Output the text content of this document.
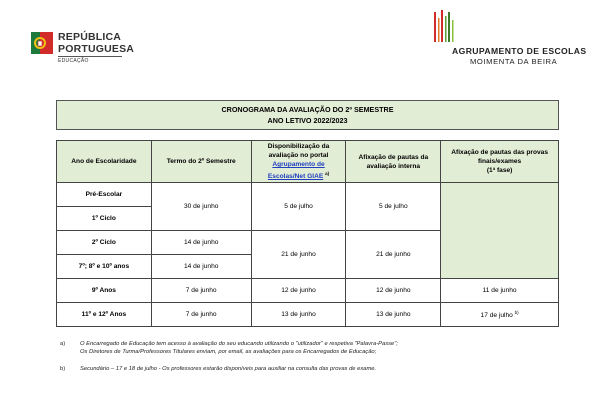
REPÚBLICA
PORTUGUESA
EDUCAÇÃO
AGRUPAMENTO DE ESCOLAS
MOIMENTA DA BEIRA
CRONOGRAMA DA AVALIAÇÃO DO 2º SEMESTRE
ANO LETIVO 2022/2023
Ano de Escolaridade	Termo do 2º Semestre	Disponibilização da avaliação no portal
Agrupamento de Escolas/Net GIAE $^{a)}$	Afixação de pautas da avaliação interna	Afixação de pautas das provas finais/exames
(1ª fase)
Pré-Escolar	30 de junho	5 de julho	5 de julho	
1º Ciclo				
2º Ciclo	14 de junho	21 de junho	21 de junho	
7º; 8º e 10º anos	14 de junho			
9º Anos	7 de junho	12 de junho	12 de junho	11 de junho
11º e 12º Anos	7 de junho	13 de junho	13 de junho	17 de julho $^{b)}$
a)	O Encarregado de Educação tem acesso à avaliação do seu educando utilizando o "utilizador" e respetiva "Palavra-Passe";
Os Diretores de Turma/Professores Titulares enviam, por email, as avaliações para os Encarregados de Educação;
b)	Secundário – 17 e 18 de julho - Os professores estarão disponíveis para auxiliar na consulta das provas de exame.
